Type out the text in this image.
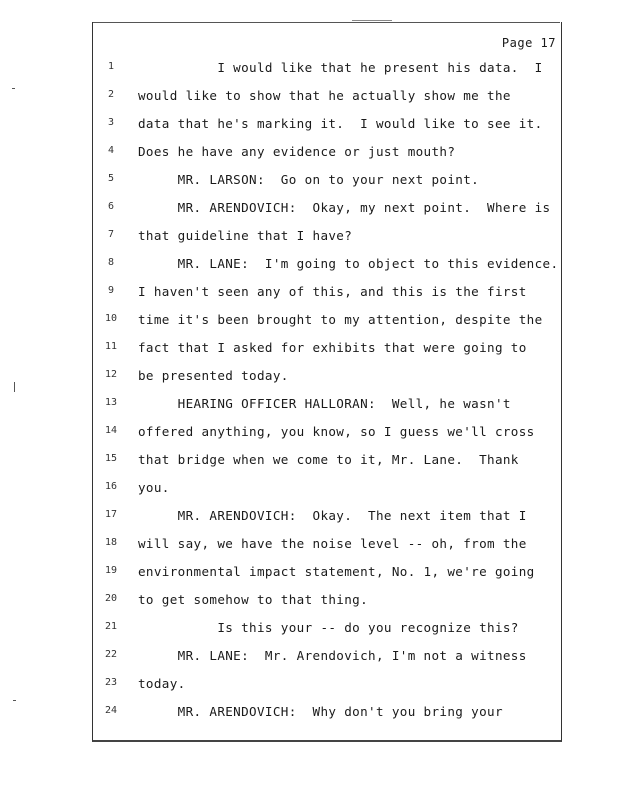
Page 17
1	I would like that he present his data.  I
2	would like to show that he actually show me the
3	data that he's marking it.  I would like to see it.
4	Does he have any evidence or just mouth?
5	MR. LARSON:  Go on to your next point.
6	MR. ARENDOVICH:  Okay, my next point.  Where is
7	that guideline that I have?
8	MR. LANE:  I'm going to object to this evidence.
9	I haven't seen any of this, and this is the first
10 time it's been brought to my attention, despite the
11 fact that I asked for exhibits that were going to
12 be presented today.
13 HEARING OFFICER HALLORAN:  Well, he wasn't
14 offered anything, you know, so I guess we'll cross
15 that bridge when we come to it, Mr. Lane.  Thank
16 you.
17 MR. ARENDOVICH:  Okay.  The next item that I
18 will say, we have the noise level -- oh, from the
19 environmental impact statement, No. 1, we're going
20 to get somehow to that thing.
21 Is this your -- do you recognize this?
22 MR. LANE:  Mr. Arendovich, I'm not a witness
23 today.
24 MR. ARENDOVICH:  Why don't you bring your
